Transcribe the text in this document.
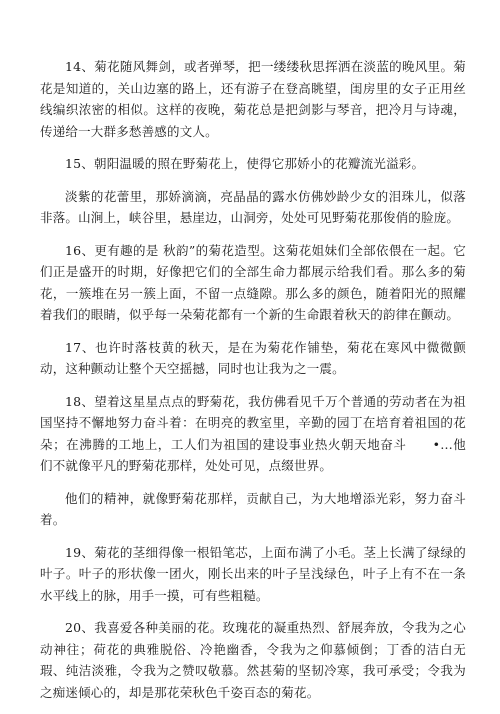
14、菊花随风舞剑，或者弹琴，把一缕缕秋思挥洒在淡蓝的晚风里。菊花是知道的，关山边塞的路上，还有游子在登高眺望，闺房里的女子正用丝线编织浓密的相似。这样的夜晚，菊花总是把剑影与琴音，把冷月与诗魂，传递给一大群多愁善感的文人。

15、朝阳温暖的照在野菊花上，使得它那娇小的花瓣流光溢彩。

淡紫的花蕾里，那娇滴滴，亮晶晶的露水仿佛妙龄少女的泪珠儿，似落非落。山涧上，峡谷里，悬崖边，山洞旁，处处可见野菊花那俊俏的脸庞。

16、更有趣的是 秋韵”的菊花造型。这菊花姐妹们全部依偎在一起。它们正是盛开的时期，好像把它们的全部生命力都展示给我们看。那么多的菊花，一簇堆在另一簇上面，不留一点缝隙。那么多的颜色，随着阳光的照耀着我们的眼睛，似乎每一朵菊花都有一个新的生命跟着秋天的韵律在颤动。

17、也许时落枝黄的秋天，是在为菊花作铺垫，菊花在寒风中微微颤动，这种颤动让整个天空摇撼，同时也让我为之一震。

18、望着这星星点点的野菊花，我仿佛看见千万个普通的劳动者在为祖国坚持不懈地努力奋斗着：在明亮的教室里，辛勤的园丁在培育着祖国的花朵；在沸腾的工地上，工人们为祖国的建设事业热火朝天地奋斗　　•…他们不就像平凡的野菊花那样，处处可见，点缀世界。

他们的精神，就像野菊花那样，贡献自己，为大地增添光彩，努力奋斗着。

19、菊花的茎细得像一根铅笔芯，上面布满了小毛。茎上长满了绿绿的叶子。叶子的形状像一团火，刚长出来的叶子呈浅绿色，叶子上有不在一条水平线上的脉，用手一摸，可有些粗糙。

20、我喜爱各种美丽的花。玫瑰花的凝重热烈、舒展奔放，令我为之心动神往；荷花的典雅脱俗、冷艳幽香，令我为之仰慕倾倒；丁香的洁白无瑕、纯洁淡雅，令我为之赞叹敬慕。然甚菊的坚韧冷寒，我可承受；令我为之痴迷倾心的，却是那花荣秋色千姿百态的菊花。
